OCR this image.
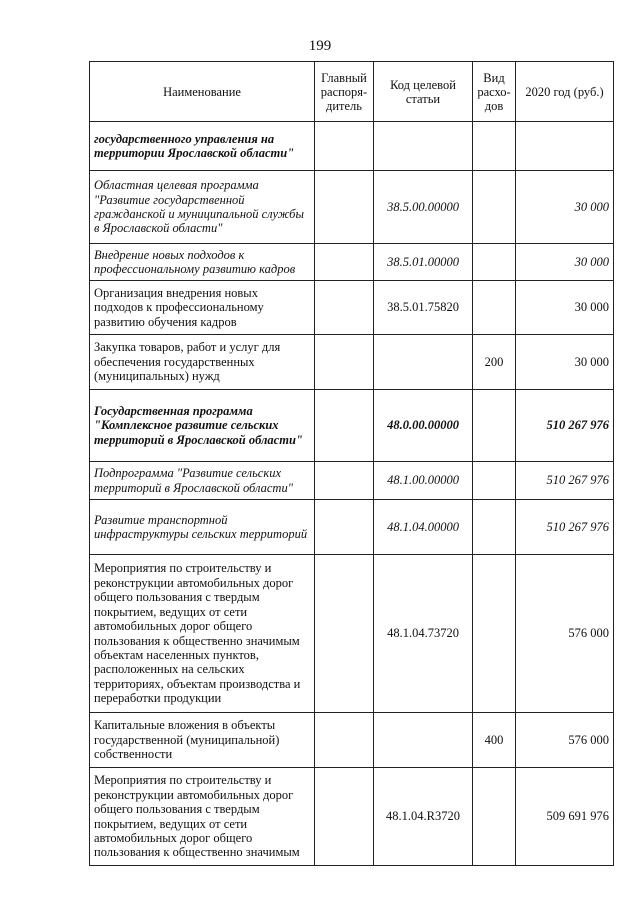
199
Наименование	Главный распоря-дитель	Код целевой статьи	Вид расхо-дов	2020 год (руб.)
государственного управления на территории Ярославской области"				
Областная целевая программа "Развитие государственной гражданской и муниципальной службы в Ярославской области"		38.5.00.00000		30 000
Внедрение новых подходов к профессиональному развитию кадров		38.5.01.00000		30 000
Организация внедрения новых подходов к профессиональному развитию обучения кадров		38.5.01.75820		30 000
Закупка товаров, работ и услуг для обеспечения государственных (муниципальных) нужд			200	30 000
Государственная программа "Комплексное развитие сельских территорий в Ярославской области"		48.0.00.00000		510 267 976
Подпрограмма "Развитие сельских территорий в Ярославской области"		48.1.00.00000		510 267 976
Развитие транспортной инфраструктуры сельских территорий		48.1.04.00000		510 267 976
Мероприятия по строительству и реконструкции автомобильных дорог общего пользования с твердым покрытием, ведущих от сети автомобильных дорог общего пользования к общественно значимым объектам населенных пунктов, расположенных на сельских территориях, объектам производства и переработки продукции		48.1.04.73720		576 000
Капитальные вложения в объекты государственной (муниципальной) собственности			400	576 000
Мероприятия по строительству и реконструкции автомобильных дорог общего пользования с твердым покрытием, ведущих от сети автомобильных дорог общего пользования к общественно значимым		48.1.04.R3720		509 691 976
